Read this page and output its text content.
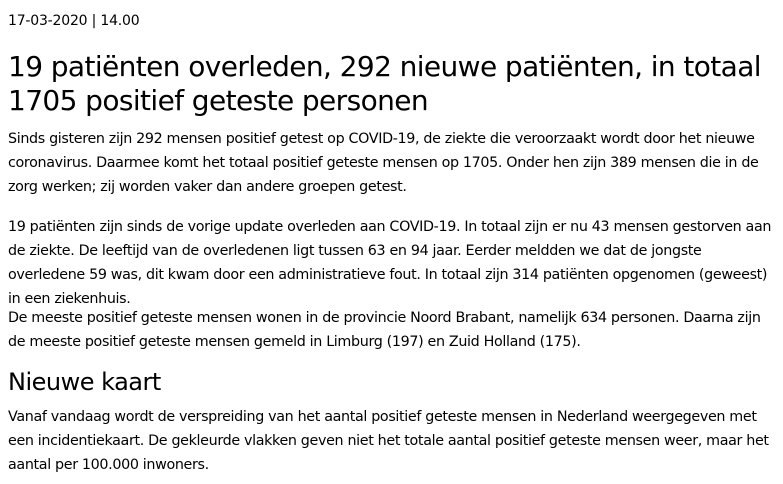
17-03-2020 | 14.00
19 patiënten overleden, 292 nieuwe patiënten, in totaal 1705 positief geteste personen

Sinds gisteren zijn 292 mensen positief getest op COVID-19, de ziekte die veroorzaakt wordt door het nieuwe coronavirus. Daarmee komt het totaal positief geteste mensen op 1705. Onder hen zijn 389 mensen die in de zorg werken; zij worden vaker dan andere groepen getest.

19 patiënten zijn sinds de vorige update overleden aan COVID-19. In totaal zijn er nu 43 mensen gestorven aan de ziekte. De leeftijd van de overledenen ligt tussen 63 en 94 jaar. Eerder meldden we dat de jongste overledene 59 was, dit kwam door een administratieve fout. In totaal zijn 314 patiënten opgenomen (geweest) in een ziekenhuis.

De meeste positief geteste mensen wonen in de provincie Noord Brabant, namelijk 634 personen. Daarna zijn de meeste positief geteste mensen gemeld in Limburg (197) en Zuid Holland (175).

Nieuwe kaart

Vanaf vandaag wordt de verspreiding van het aantal positief geteste mensen in Nederland weergegeven met een incidentiekaart. De gekleurde vlakken geven niet het totale aantal positief geteste mensen weer, maar het aantal per 100.000 inwoners.
